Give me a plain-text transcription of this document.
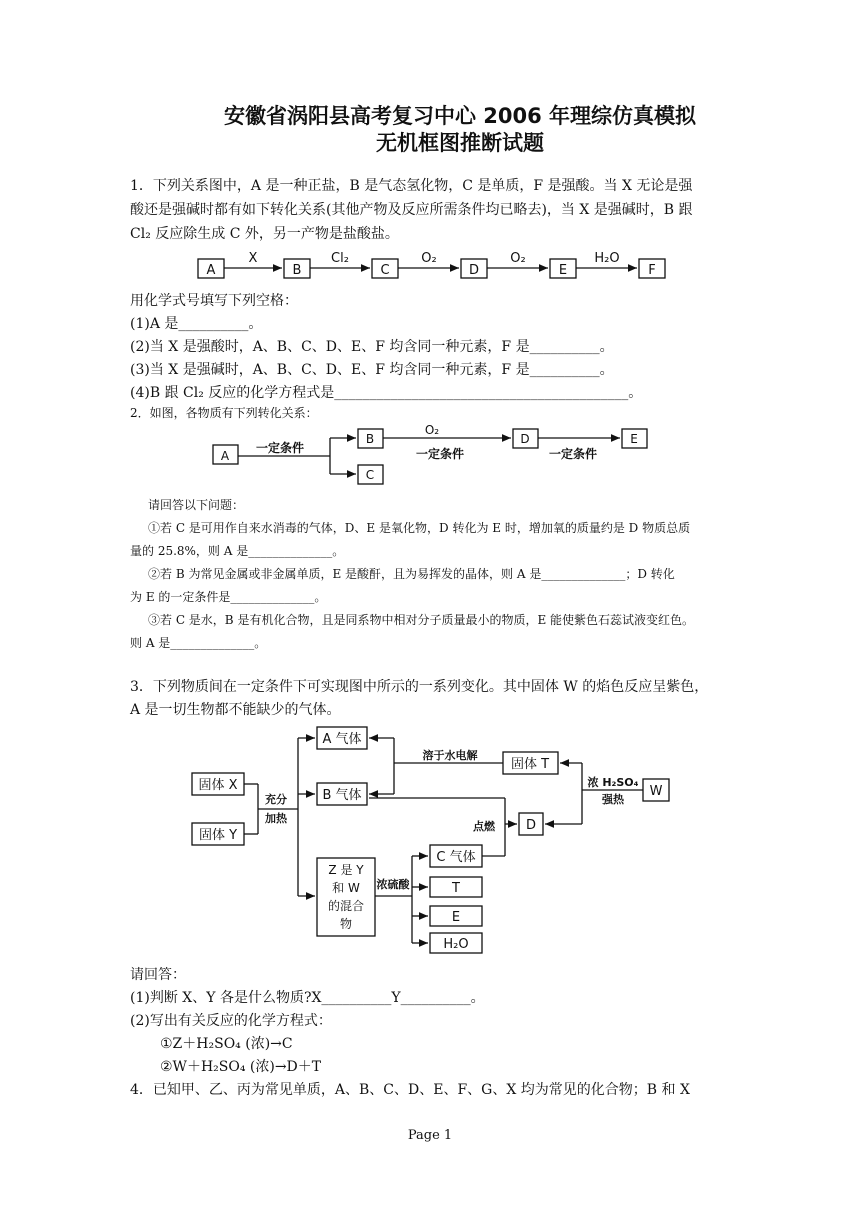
安徽省涡阳县高考复习中心 2006 年理综仿真模拟
无机框图推断试题
1．下列关系图中，A 是一种正盐，B 是气态氢化物，C 是单质，F 是强酸。当 X 无论是强
酸还是强碱时都有如下转化关系(其他产物及反应所需条件均已略去)，当 X 是强碱时，B 跟
Cl₂ 反应除生成 C 外，另一产物是盐酸盐。
A	B	C	D	E	F
X	Cl₂	O₂	O₂	H₂O
用化学式号填写下列空格：
(1)A 是__________。
(2)当 X 是强酸时，A、B、C、D、E、F 均含同一种元素，F 是__________。
(3)当 X 是强碱时，A、B、C、D、E、F 均含同一种元素，F 是__________。
(4)B 跟 Cl₂ 反应的化学方程式是__________________________________________。
2．如图，各物质有下列转化关系：
A
B
C
D	E
一定条件
O₂
一定条件	一定条件
请回答以下问题：
①若 C 是可用作自来水消毒的气体，D、E 是氧化物，D 转化为 E 时，增加氧的质量约是 D 物质总质
量的 25.8%，则 A 是______________。
②若 B 为常见金属或非金属单质，E 是酸酐，且为易挥发的晶体，则 A 是______________；D 转化
为 E 的一定条件是______________。
③若 C 是水，B 是有机化合物，且是同系物中相对分子质量最小的物质，E 能使紫色石蕊试液变红色。
则 A 是______________。
3．下列物质间在一定条件下可实现图中所示的一系列变化。其中固体 W 的焰色反应呈紫色，
A 是一切生物都不能缺少的气体。
固体 X
固体 Y
A 气体
B 气体
固体 T
W
D
C 气体
T
E
H₂O
Z 是 Y
和 W
的混合
物
充分
加热
溶于水电解
浓 H₂SO₄
强热
点燃
浓硫酸
请回答：
(1)判断 X、Y 各是什么物质?X__________Y__________。
(2)写出有关反应的化学方程式：
①Z＋H₂SO₄ (浓)→C
②W＋H₂SO₄ (浓)→D＋T
4．已知甲、乙、丙为常见单质，A、B、C、D、E、F、G、X 均为常见的化合物；B 和 X
Page 1
